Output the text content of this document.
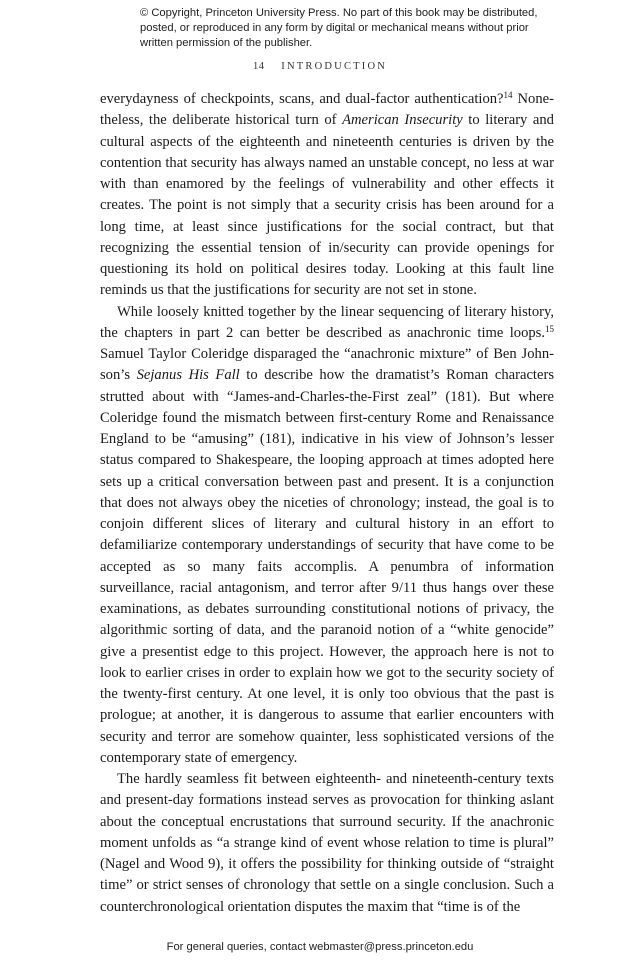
© Copyright, Princeton University Press. No part of this book may be distributed, posted, or reproduced in any form by digital or mechanical means without prior written permission of the publisher.
14 INTRODUCTION

everydayness of checkpoints, scans, and dual-factor authentication?$^{14}$ Nonetheless, the deliberate historical turn of American Insecurity to literary and cultural aspects of the eighteenth and nineteenth centuries is driven by the contention that security has always named an unstable concept, no less at war with than enamored by the feelings of vulnerability and other effects it creates. The point is not simply that a security crisis has been around for a long time, at least since justifications for the social contract, but that recognizing the essential tension of in/security can provide openings for questioning its hold on political desires today. Looking at this fault line reminds us that the justifications for security are not set in stone.

While loosely knitted together by the linear sequencing of literary history, the chapters in part 2 can better be described as anachronic time loops.$^{15}$ Samuel Taylor Coleridge disparaged the “anachronic mixture” of Ben Johnson’s Sejanus His Fall to describe how the dramatist’s Roman characters strutted about with “James-and-Charles-the-First zeal” (181). But where Coleridge found the mismatch between first-century Rome and Renaissance England to be “amusing” (181), indicative in his view of Johnson’s lesser status compared to Shakespeare, the looping approach at times adopted here sets up a critical conversation between past and present. It is a conjunction that does not always obey the niceties of chronology; instead, the goal is to conjoin different slices of literary and cultural history in an effort to defamiliarize contemporary understandings of security that have come to be accepted as so many faits accomplis. A penumbra of information surveillance, racial antagonism, and terror after 9/11 thus hangs over these examinations, as debates surrounding constitutional notions of privacy, the algorithmic sorting of data, and the paranoid notion of a “white genocide” give a presentist edge to this project. However, the approach here is not to look to earlier crises in order to explain how we got to the security society of the twenty-first century. At one level, it is only too obvious that the past is prologue; at another, it is dangerous to assume that earlier encounters with security and terror are somehow quainter, less sophisticated versions of the contemporary state of emergency.

The hardly seamless fit between eighteenth- and nineteenth-century texts and present-day formations instead serves as provocation for thinking aslant about the conceptual encrustations that surround security. If the anachronic moment unfolds as “a strange kind of event whose relation to time is plural” (Nagel and Wood 9), it offers the possibility for thinking outside of “straight time” or strict senses of chronology that settle on a single conclusion. Such a counterchronological orientation disputes the maxim that “time is of the

For general queries, contact webmaster@press.princeton.edu
